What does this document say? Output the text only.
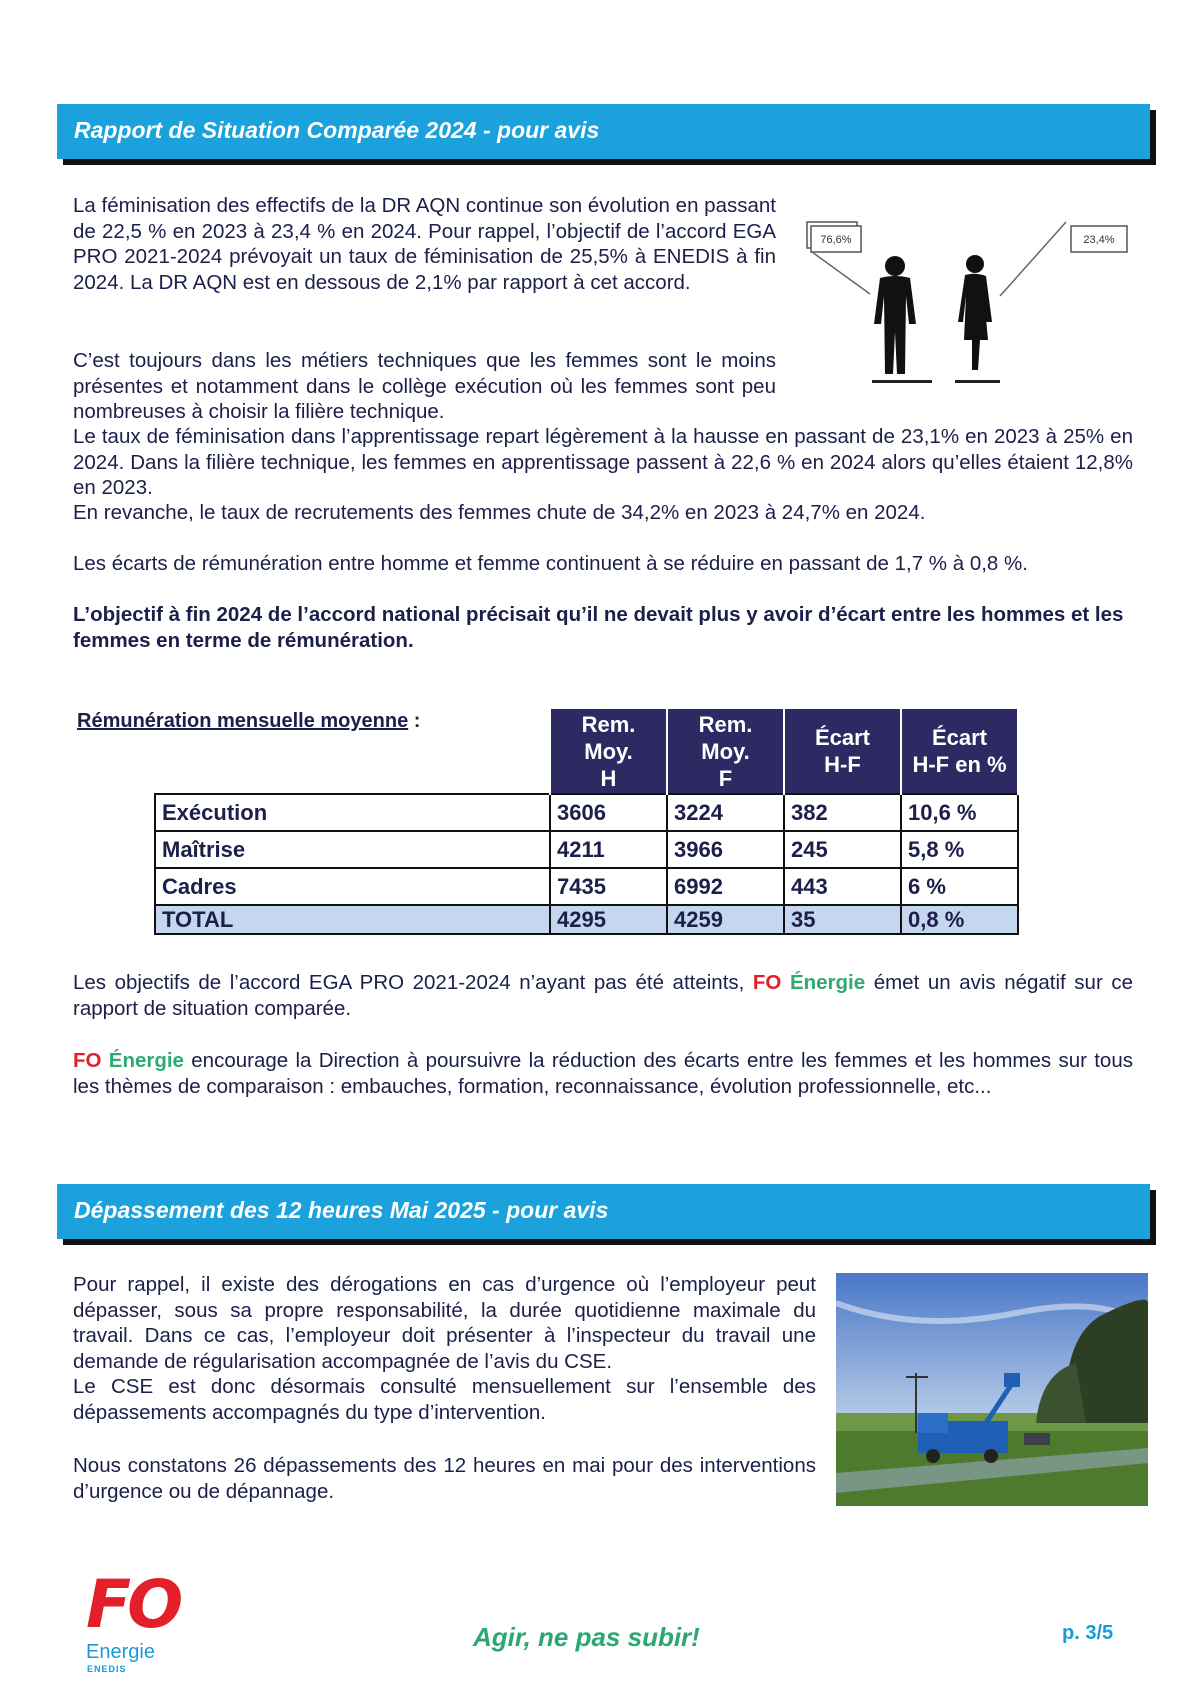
Rapport de Situation Comparée 2024 - pour avis

La féminisation des effectifs de la DR AQN continue son évolution en passant de 22,5 % en 2023 à 23,4 % en 2024. Pour rappel, l’objectif de l’accord EGA PRO 2021-2024 prévoyait un taux de féminisation de 25,5% à ENEDIS à fin 2024. La DR AQN est en dessous de 2,1% par rapport à cet accord.

76,6%	23,4%

C’est toujours dans les métiers techniques que les femmes sont le moins présentes et notamment dans le collège exécution où les femmes sont peu nombreuses à choisir la filière technique.

Le taux de féminisation dans l’apprentissage repart légèrement à la hausse en passant de 23,1% en 2023 à 25% en 2024. Dans la filière technique, les femmes en apprentissage passent à 22,6 % en 2024 alors qu’elles étaient 12,8% en 2023.

En revanche, le taux de recrutements des femmes chute de 34,2% en 2023 à 24,7% en 2024.

Les écarts de rémunération entre homme et femme continuent à se réduire en passant de 1,7 % à 0,8 %.

L’objectif à fin 2024 de l’accord national précisait qu’il ne devait plus y avoir d’écart entre les hommes et les femmes en terme de rémunération.

Rémunération mensuelle moyenne :
		Rem.
Moy.
H	Rem.
Moy.
F	Écart
H-F	Écart
H-F en %
Exécution	3606	3224	382	10,6 %
Maîtrise	4211	3966	245	5,8 %
Cadres	7435	6992	443	6 %
TOTAL	4295	4259	35	0,8 %

Les objectifs de l’accord EGA PRO 2021-2024 n’ayant pas été atteints, FO Énergie émet un avis négatif sur ce rapport de situation comparée.

FO Énergie encourage la Direction à poursuivre la réduction des écarts entre les femmes et les hommes sur tous les thèmes de comparaison : embauches, formation, reconnaissance, évolution professionnelle, etc...

Dépassement des 12 heures Mai 2025 - pour avis

Pour rappel, il existe des dérogations en cas d’urgence où l’employeur peut dépasser, sous sa propre responsabilité, la durée quotidienne maximale du travail. Dans ce cas, l’employeur doit présenter à l’inspecteur du travail une demande de régularisation accompagnée de l’avis du CSE.
Le CSE est donc désormais consulté mensuellement sur l’ensemble des dépassements accompagnés du type d’intervention.

Nous constatons 26 dépassements des 12 heures en mai pour des interventions d’urgence ou de dépannage.

FO
Energie
ENEDIS
Agir, ne pas subir!	p. 3/5
